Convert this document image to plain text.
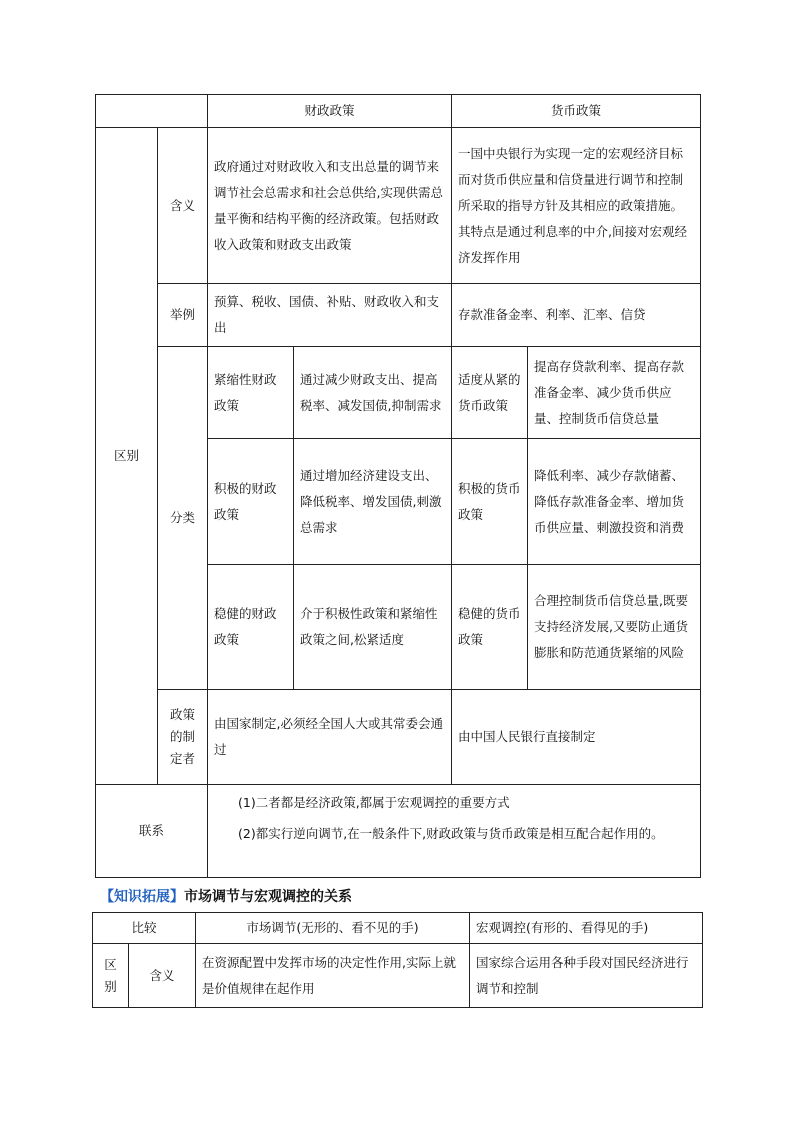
		财政政策		货币政策	
区别	含义	政府通过对财政收入和支出总量的调节来调节社会总需求和社会总供给,实现供需总量平衡和结构平衡的经济政策。包括财政收入政策和财政支出政策		一国中央银行为实现一定的宏观经济目标而对货币供应量和信贷量进行调节和控制所采取的指导方针及其相应的政策措施。其特点是通过利息率的中介,间接对宏观经济发挥作用	
	举例	预算、税收、国债、补贴、财政收入和支出		存款准备金率、利率、汇率、信贷	
	分类	紧缩性财政政策	通过减少财政支出、提高税率、减发国债,抑制需求	适度从紧的货币政策	提高存贷款利率、提高存款准备金率、减少货币供应量、控制货币信贷总量
		积极的财政政策	通过增加经济建设支出、降低税率、增发国债,刺激总需求	积极的货币政策	降低利率、减少存款储蓄、降低存款准备金率、增加货币供应量、刺激投资和消费
		稳健的财政政策	介于积极性政策和紧缩性政策之间,松紧适度	稳健的货币政策	合理控制货币信贷总量,既要支持经济发展,又要防止通货膨胀和防范通货紧缩的风险
	政策的制定者	由国家制定,必须经全国人大或其常委会通过		由中国人民银行直接制定	

联系		(1)二者都是经济政策,都属于宏观调控的重要方式

(2)都实行逆向调节,在一般条件下,财政政策与货币政策是相互配合起作用的。			

【知识拓展】市场调节与宏观调控的关系
比较		市场调节(无形的、看不见的手)	宏观调控(有形的、看得见的手)
区别	含义	在资源配置中发挥市场的决定性作用,实际上就是价值规律在起作用	国家综合运用各种手段对国民经济进行调节和控制
